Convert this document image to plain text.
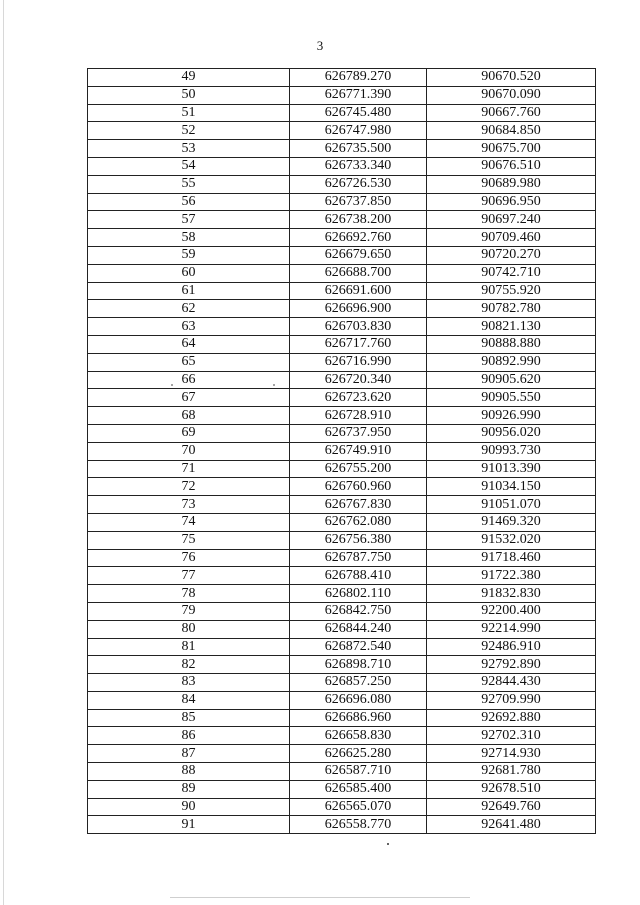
3
49	626789.270	90670.520
50	626771.390	90670.090
51	626745.480	90667.760
52	626747.980	90684.850
53	626735.500	90675.700
54	626733.340	90676.510
55	626726.530	90689.980
56	626737.850	90696.950
57	626738.200	90697.240
58	626692.760	90709.460
59	626679.650	90720.270
60	626688.700	90742.710
61	626691.600	90755.920
62	626696.900	90782.780
63	626703.830	90821.130
64	626717.760	90888.880
65	626716.990	90892.990
66	626720.340	90905.620
67	626723.620	90905.550
68	626728.910	90926.990
69	626737.950	90956.020
70	626749.910	90993.730
71	626755.200	91013.390
72	626760.960	91034.150
73	626767.830	91051.070
74	626762.080	91469.320
75	626756.380	91532.020
76	626787.750	91718.460
77	626788.410	91722.380
78	626802.110	91832.830
79	626842.750	92200.400
80	626844.240	92214.990
81	626872.540	92486.910
82	626898.710	92792.890
83	626857.250	92844.430
84	626696.080	92709.990
85	626686.960	92692.880
86	626658.830	92702.310
87	626625.280	92714.930
88	626587.710	92681.780
89	626585.400	92678.510
90	626565.070	92649.760
91	626558.770	92641.480
